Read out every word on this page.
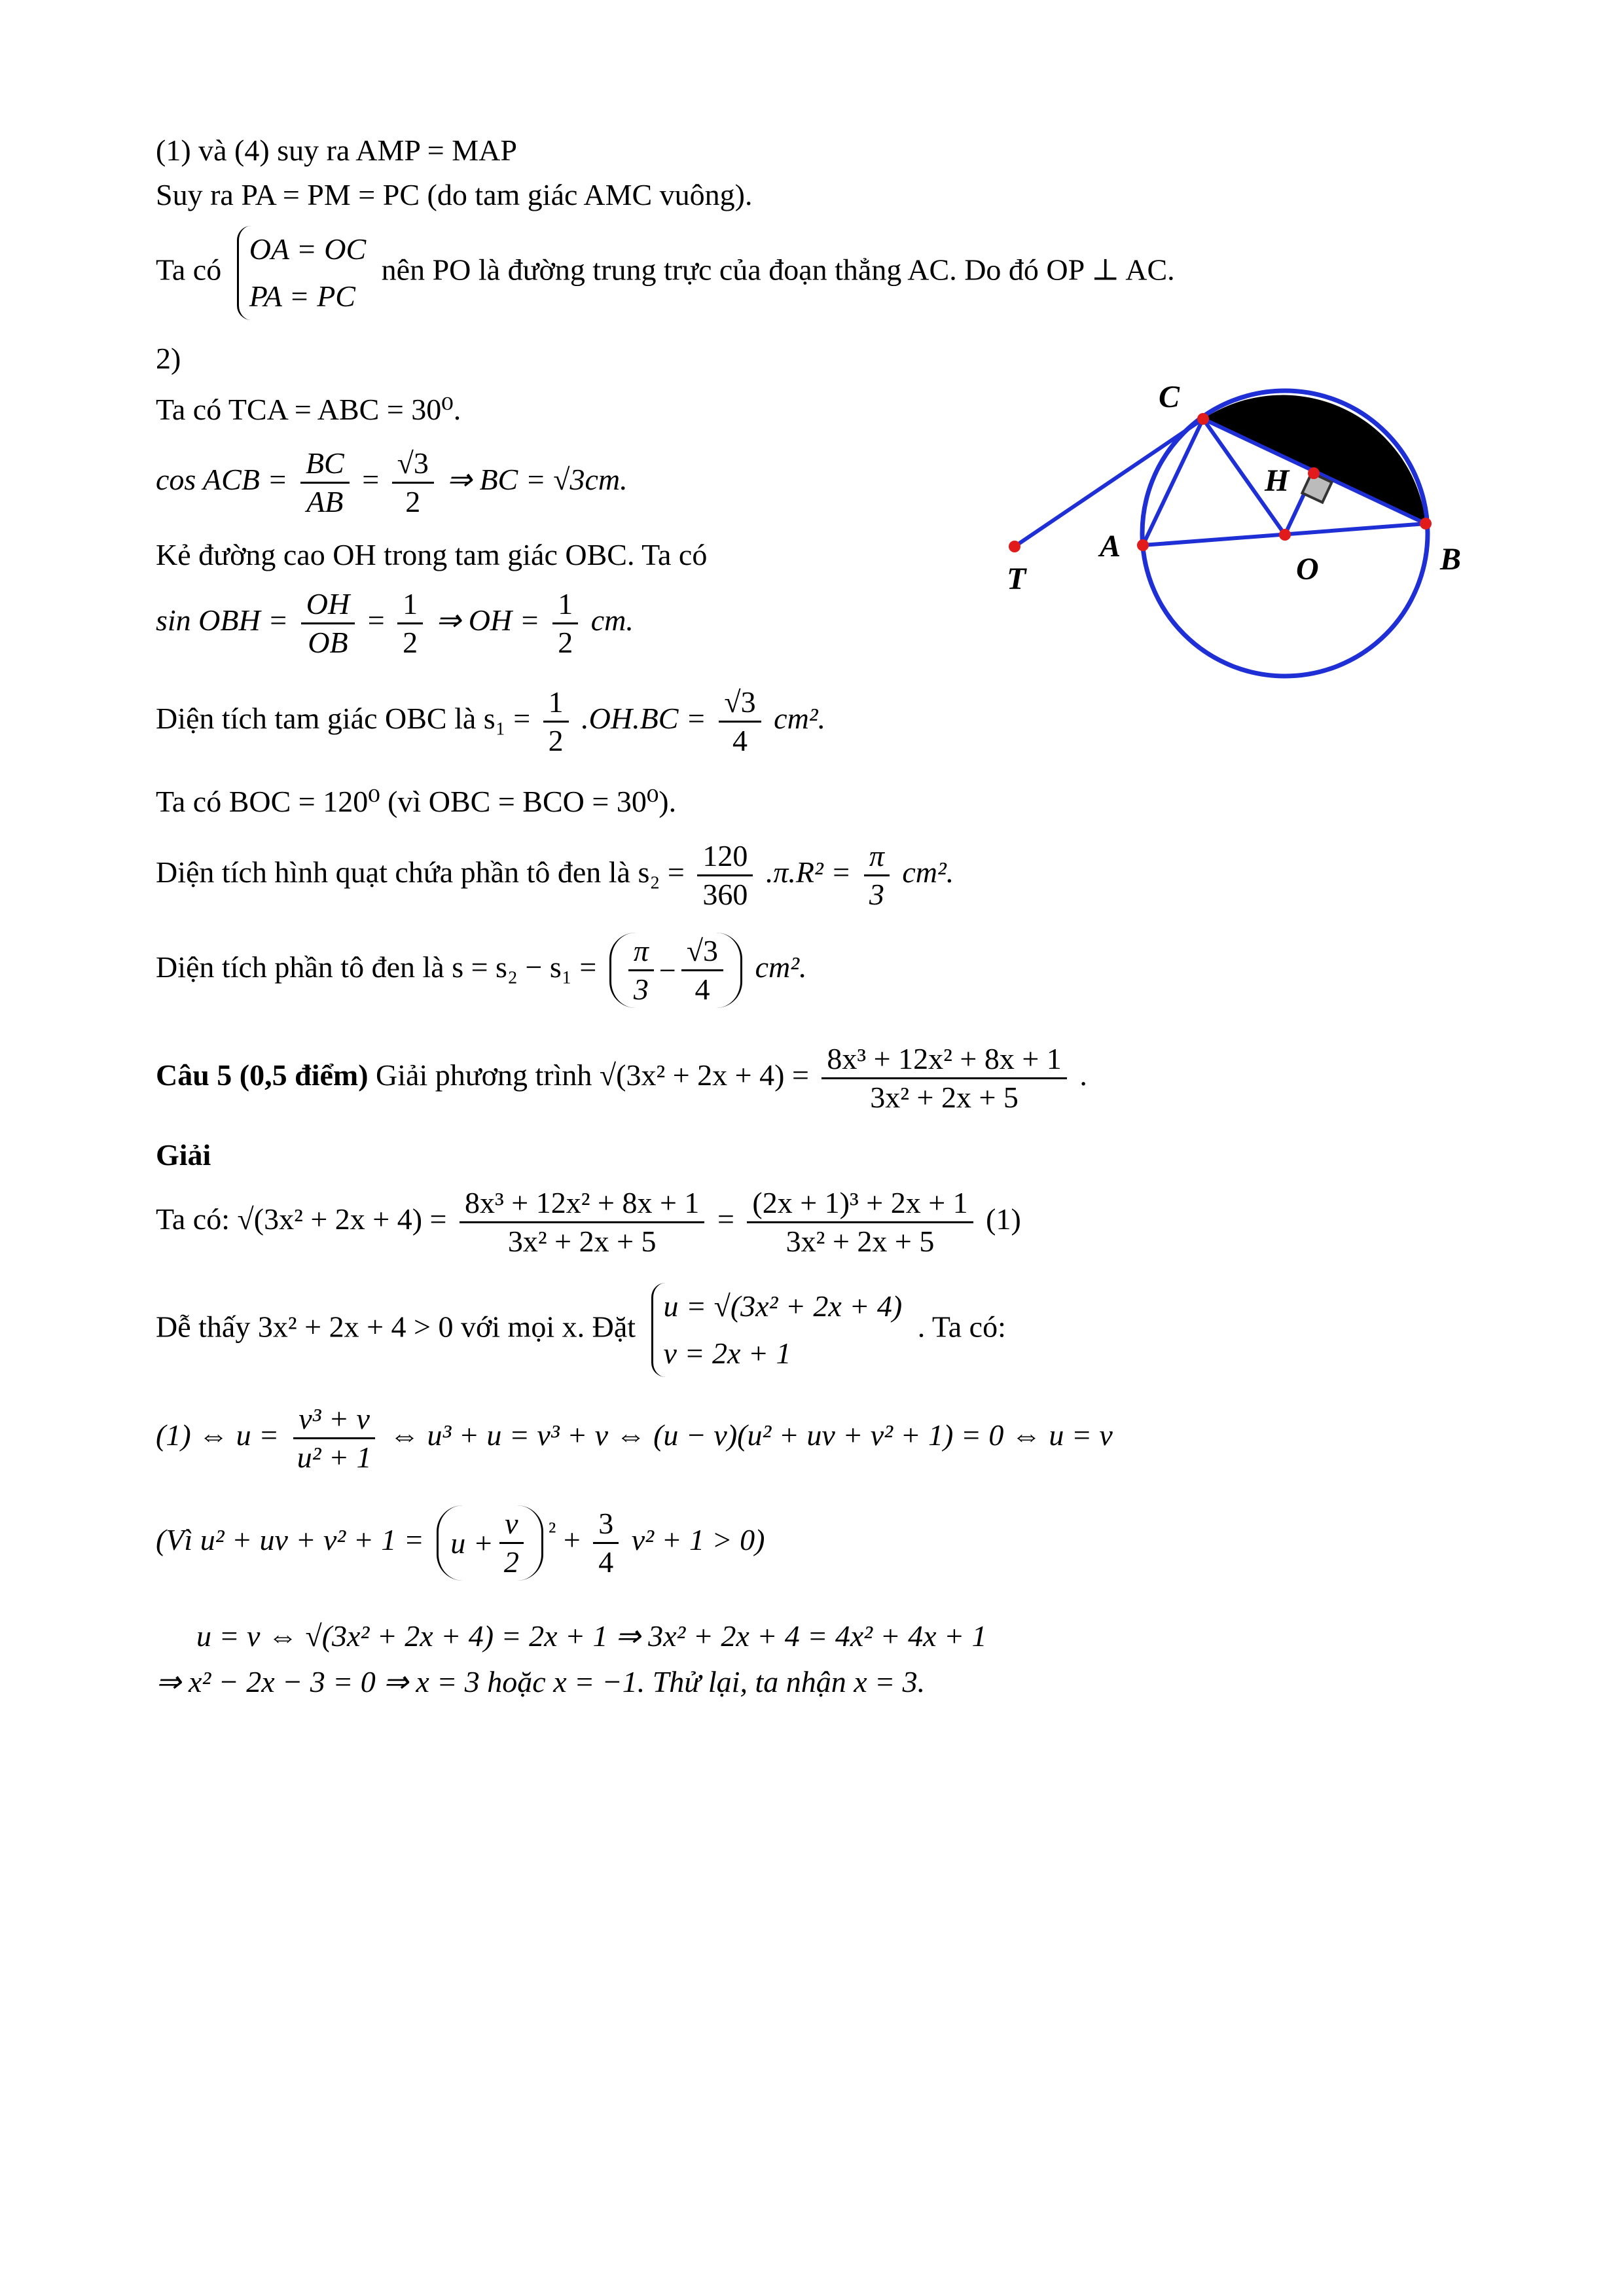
(1) và (4) suy ra AMP = MAP
Suy ra PA = PM = PC (do tam giác AMC vuông).
Ta có
OA = OC
PA = PC
nên PO là đường trung trực của đoạn thẳng AC. Do đó OP ⊥ AC.
2)
Ta có TCA = ABC = 30⁰.
cos ACB = $\frac{BC}{AB} = \frac{√3}{2}$ ⇒ BC = √3cm.
Kẻ đường cao OH trong tam giác OBC. Ta có
sin OBH = $\frac{OH}{OB} = \frac{1}{2}$ ⇒ OH = $\frac{1}{2}$ cm.
Diện tích tam giác OBC là $s_1 = \frac{1}{2} .OH.BC = \frac{√3}{4} cm^2$.
Ta có BOC = 120⁰ (vì OBC = BCO = 30⁰).
Diện tích hình quạt chứa phần tô đen là $s_2 = \frac{120}{360} .\pi.R^2 = \frac{\pi}{3} cm^2$.
Diện tích phần tô đen là $s = s_2 - s_1 = \frac{\pi}{3} - \frac{√3}{4} cm^2$.
Câu 5 (0,5 điểm) Giải phương trình $√(3x^2 + 2x + 4) = \frac{\text{8x³ + 12x² + 8x + 1}}{\text{3x² + 2x + 5}}$ .
Giải
Ta có: $√(3x^2 + 2x + 4) = \frac{\text{8x³ + 12x² + 8x + 1}}{\text{3x² + 2x + 5}} = \frac{\text{(2x + 1)³ + 2x + 1}}{\text{3x² + 2x + 5}} (1)$
Dễ thấy 3x² + 2x + 4 > 0 với mọi x. Đặt
u = √(3x² + 2x + 4)
v = 2x + 1
. Ta có:
(1) ⇔ $u = \frac{\text{v³ + v}}{\text{u² + 1}}$ ⇔ u³ + u = v³ + v ⇔ (u − v)(u² + uv + v² + 1) = 0 ⇔ u = v
(Vì u² + uv + $v^2 + 1 = u + \frac{v}{2} ^{^2} + \frac{3}{4} v^2 + 1 > 0$)
u = v ⇔ √(3x² + 2x + 4) = 2x + 1 ⇒ 3x² + 2x + 4 = 4x² + 4x + 1
⇒ x² − 2x − 3 = 0 ⇒ x = 3 hoặc x = −1. Thử lại, ta nhận x = 3.
C
H
A
O	B
T
